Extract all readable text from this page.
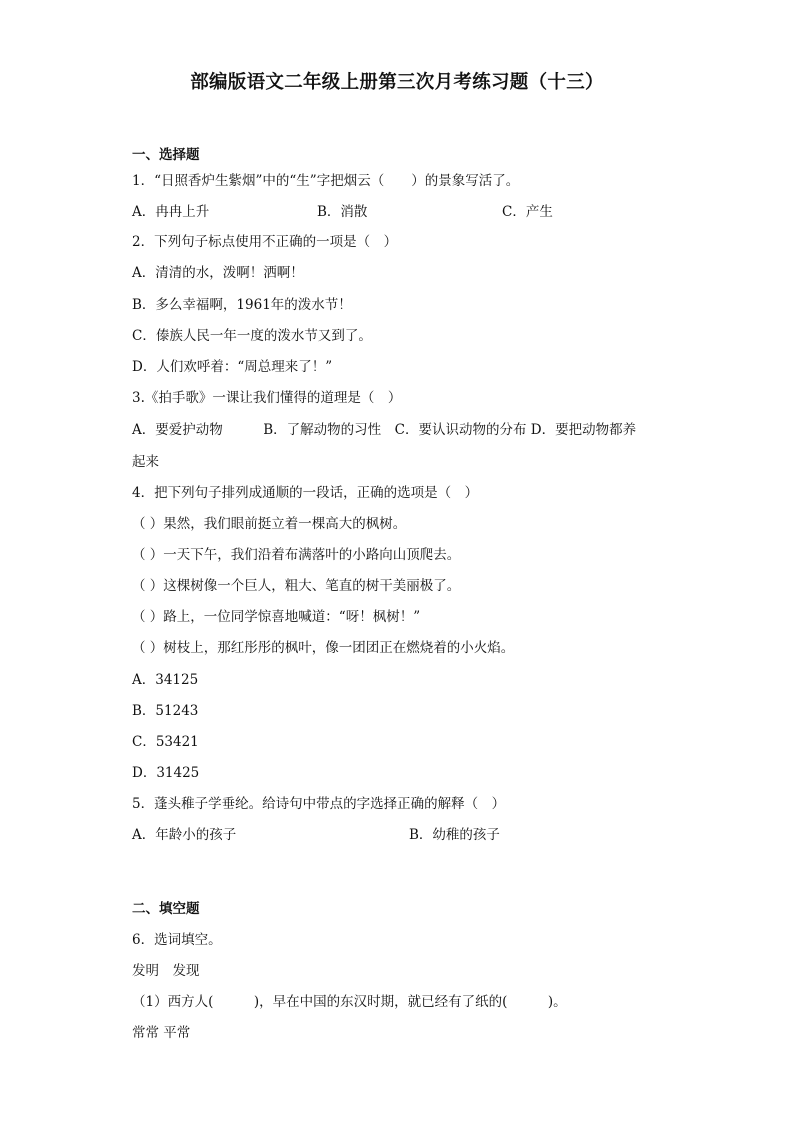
部编版语文二年级上册第三次月考练习题（十三）
一、选择题
1．“日照香炉生紫烟”中的“生”字把烟云（　　）的景象写活了。
A．冉冉上升	B．消散	C．产生
2．下列句子标点使用不正确的一项是（　）
A．清清的水，泼啊！洒啊！
B．多么幸福啊，1961年的泼水节！
C．傣族人民一年一度的泼水节又到了。
D．人们欢呼着：“周总理来了！”
3.《拍手歌》一课让我们懂得的道理是（　）
A．要爱护动物　　　B．了解动物的习性　C．要认识动物的分布 D．要把动物都养
起来
4．把下列句子排列成通顺的一段话，正确的选项是（　）
（ ）果然，我们眼前挺立着一棵高大的枫树。
（ ）一天下午，我们沿着布满落叶的小路向山顶爬去。
（ ）这棵树像一个巨人，粗大、笔直的树干美丽极了。
（ ）路上，一位同学惊喜地喊道：“呀！枫树！”
（ ）树枝上，那红彤彤的枫叶，像一团团正在燃烧着的小火焰。
A．34125
B．51243
C．53421
D．31425
5．蓬头稚子学垂纶。给诗句中带点的字选择正确的解释（　）
A．年龄小的孩子	B．幼稚的孩子
二、填空题
6．选词填空。
发明　发现
（1）西方人(　　　)，早在中国的东汉时期，就已经有了纸的(　　　)。
常常 平常
